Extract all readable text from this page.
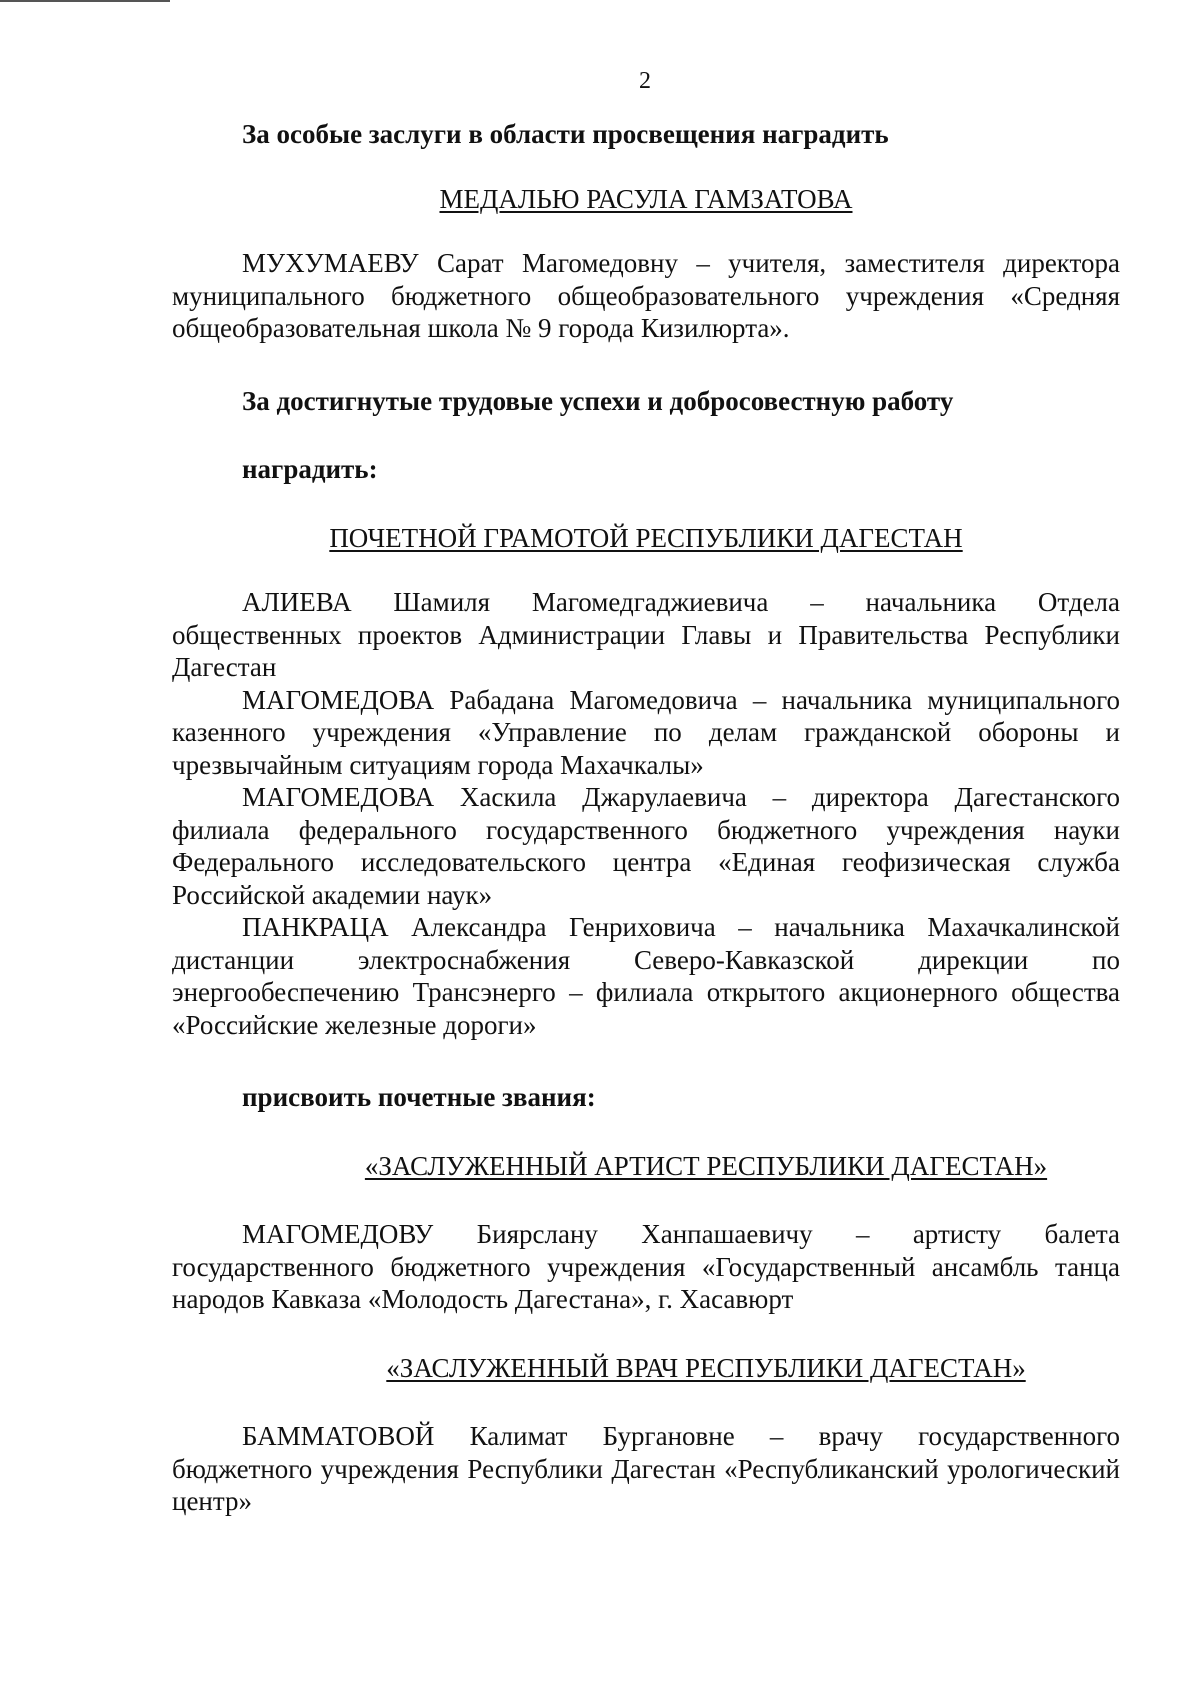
2
За особые заслуги в области просвещения наградить
МЕДАЛЬЮ РАСУЛА ГАМЗАТОВА

МУХУМАЕВУ Сарат Магомедовну – учителя, заместителя директора муниципального бюджетного общеобразовательного учреждения «Средняя общеобразовательная школа № 9 города Кизилюрта».

За достигнутые трудовые успехи и добросовестную работу
наградить:
ПОЧЕТНОЙ ГРАМОТОЙ РЕСПУБЛИКИ ДАГЕСТАН

АЛИЕВА Шамиля Магомедгаджиевича – начальника Отдела общественных проектов Администрации Главы и Правительства Республики Дагестан

МАГОМЕДОВА Рабадана Магомедовича – начальника муниципального казенного учреждения «Управление по делам гражданской обороны и чрезвычайным ситуациям города Махачкалы»

МАГОМЕДОВА Хаскила Джарулаевича – директора Дагестанского филиала федерального государственного бюджетного учреждения науки Федерального исследовательского центра «Единая геофизическая служба Российской академии наук»

ПАНКРАЦА Александра Генриховича – начальника Махачкалинской дистанции электроснабжения Северо-Кавказской дирекции по энергообеспечению Трансэнерго – филиала открытого акционерного общества «Российские железные дороги»

присвоить почетные звания:
«ЗАСЛУЖЕННЫЙ АРТИСТ РЕСПУБЛИКИ ДАГЕСТАН»

МАГОМЕДОВУ Биярслану Ханпашаевичу – артисту балета государственного бюджетного учреждения «Государственный ансамбль танца народов Кавказа «Молодость Дагестана», г. Хасавюрт

«ЗАСЛУЖЕННЫЙ ВРАЧ РЕСПУБЛИКИ ДАГЕСТАН»

БАММАТОВОЙ Калимат Бургановне – врачу государственного бюджетного учреждения Республики Дагестан «Республиканский урологический центр»
